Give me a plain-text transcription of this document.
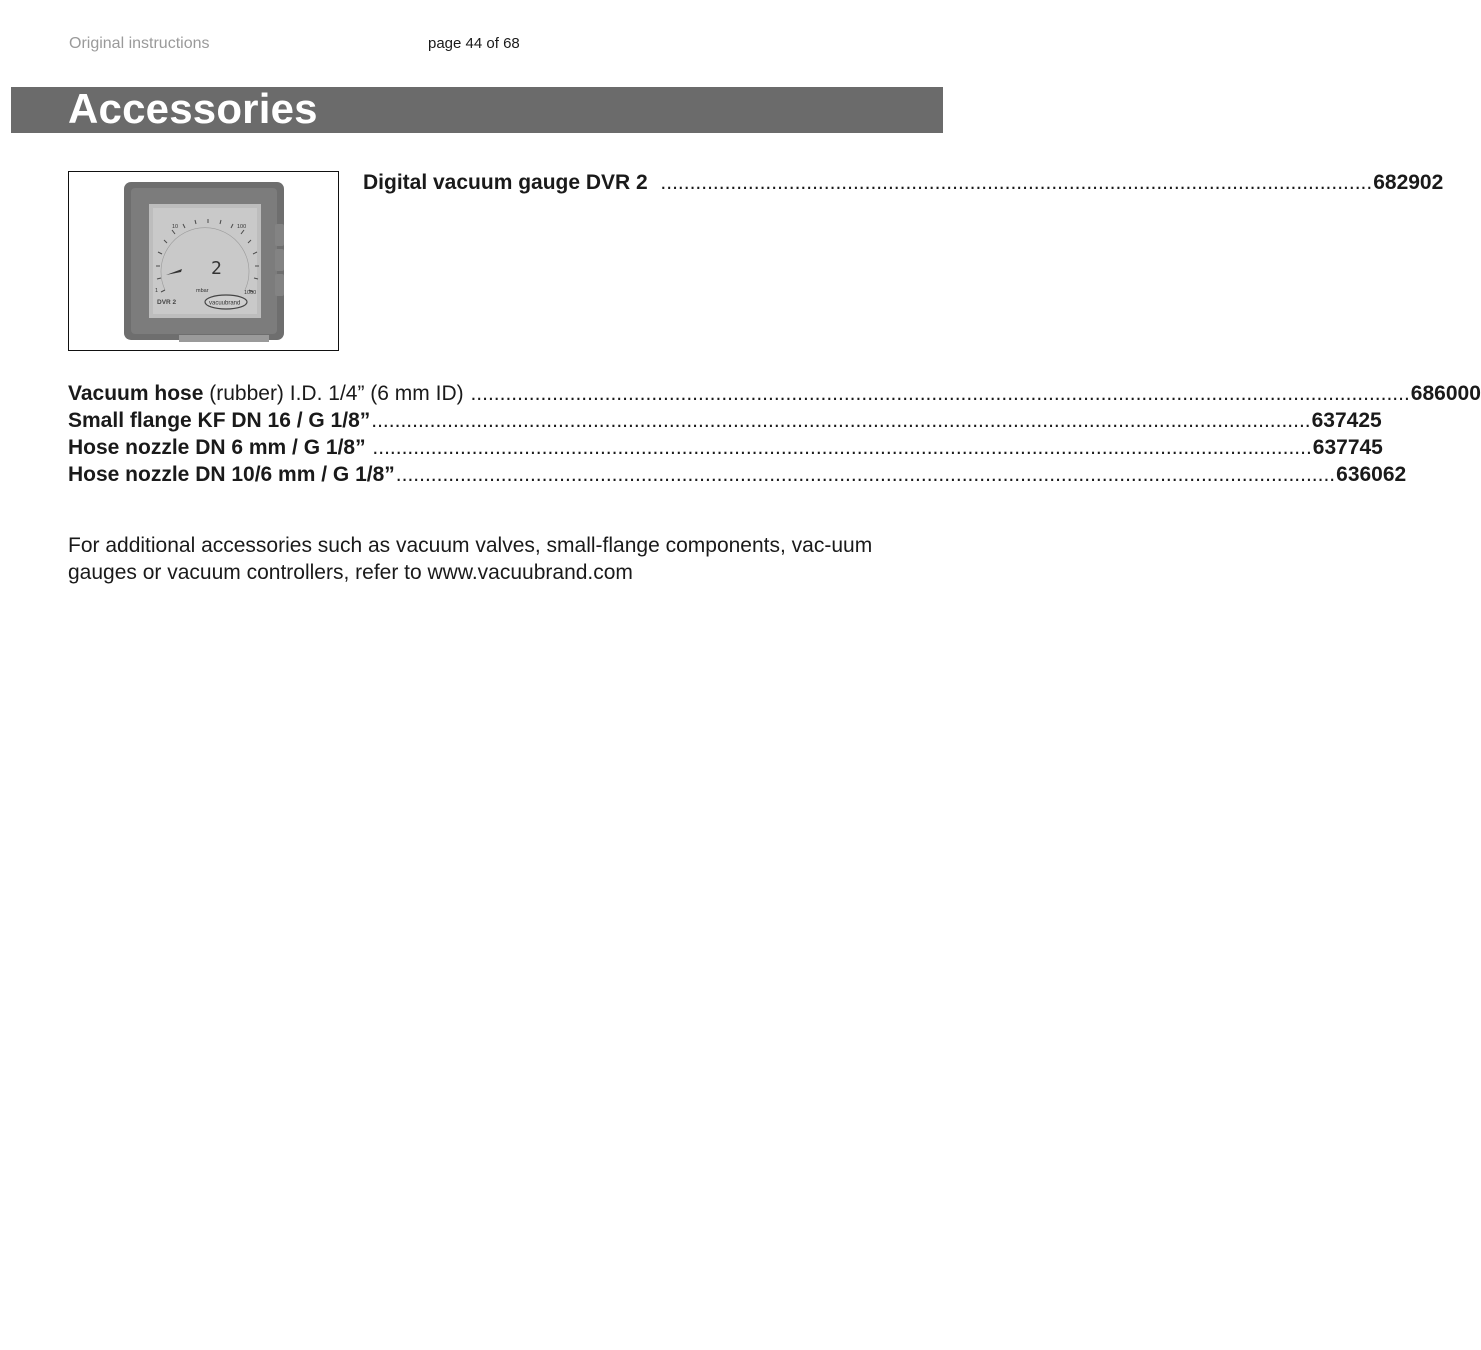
Original instructions	page 44 of 68
Accessories
10	100
1	1000
2
mbar
DVR 2	vacuubrand
Digital vacuum gauge DVR 2 .......................................................................................................................... 682902
Vacuum hose (rubber) I.D. 1/4” (6 mm ID) ................................................................................................................................................................. 686000
Small flange KF DN 16 / G 1/8” ................................................................................................................................................................. 637425
Hose nozzle DN 6 mm / G 1/8” ................................................................................................................................................................. 637745
Hose nozzle DN 10/6 mm / G 1/8” ................................................................................................................................................................. 636062
For additional accessories such as vacuum valves, small-flange components, vac-uum gauges or vacuum controllers, refer to www.vacuubrand.com
